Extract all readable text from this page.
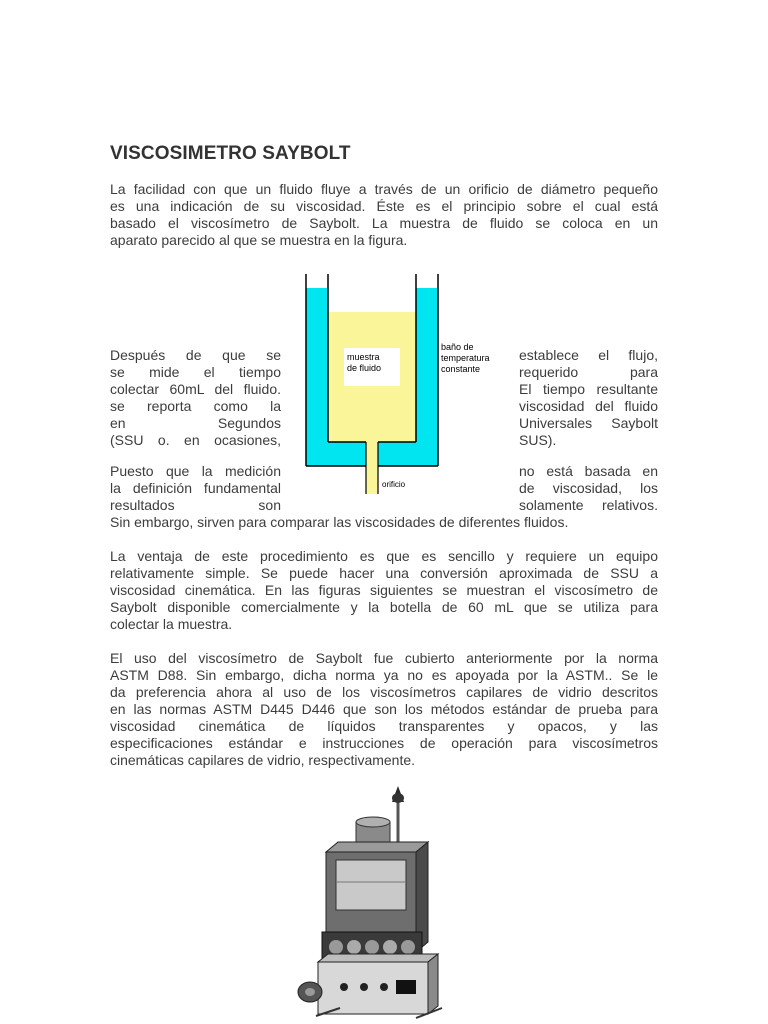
VISCOSIMETRO SAYBOLT
La facilidad con que un fluido fluye a través de un orificio de diámetro pequeño
es una indicación de su viscosidad. Éste es el principio sobre el cual está
basado el viscosímetro de Saybolt. La muestra de fluido se coloca en un
aparato parecido al que se muestra en la figura.
muestra
de fluido
orificio
baño de
temperatura
constante
Después de que se
se mide el tiempo
colectar 60mL del fluido.
se reporta como la
en Segundos
(SSU o. en ocasiones,
establece el flujo,
requerido para
El tiempo resultante
viscosidad del fluido
Universales Saybolt
SUS).
Puesto que la medición
la definición fundamental
resultados son
no está basada en
de viscosidad, los
solamente relativos.
Sin embargo, sirven para comparar las viscosidades de diferentes fluidos.
La ventaja de este procedimiento es que es sencillo y requiere un equipo
relativamente simple. Se puede hacer una conversión aproximada de SSU a
viscosidad cinemática. En las figuras siguientes se muestran el viscosímetro de
Saybolt disponible comercialmente y la botella de 60 mL que se utiliza para
colectar la muestra.
El uso del viscosímetro de Saybolt fue cubierto anteriormente por la norma
ASTM D88. Sin embargo, dicha norma ya no es apoyada por la ASTM.. Se le
da preferencia ahora al uso de los viscosímetros capilares de vidrio descritos
en las normas ASTM D445 D446 que son los métodos estándar de prueba para
viscosidad cinemática de líquidos transparentes y opacos, y las
especificaciones estándar e instrucciones de operación para viscosímetros
cinemáticas capilares de vidrio, respectivamente.
